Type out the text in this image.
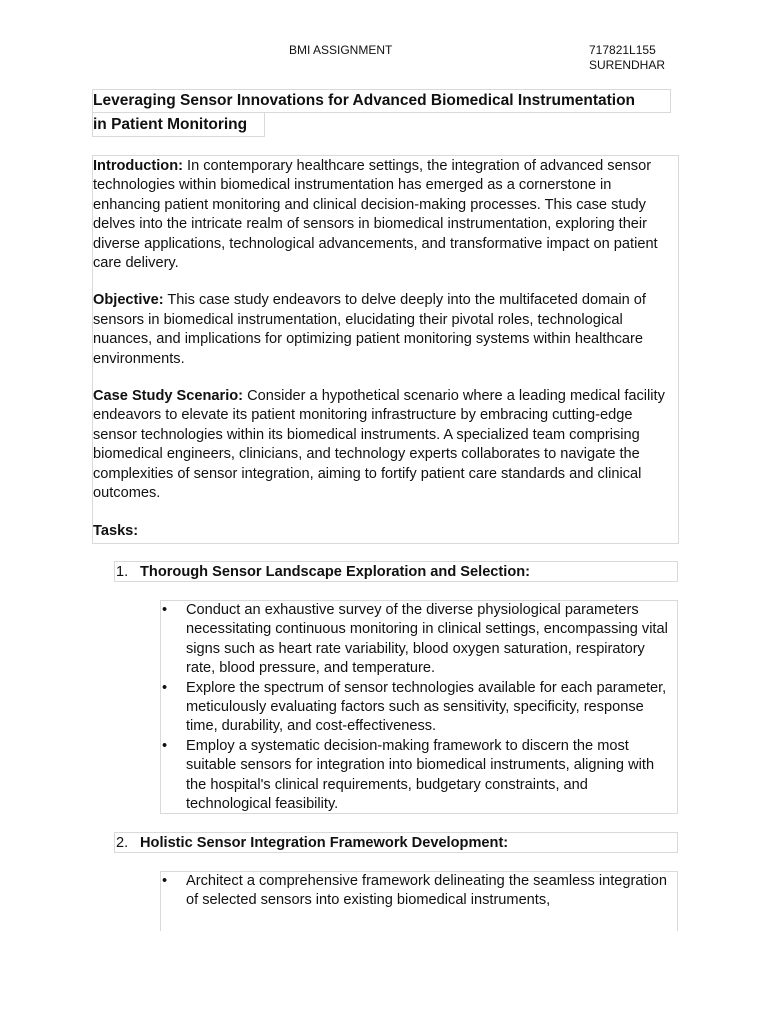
BMI ASSIGNMENT	717821L155
SURENDHAR
Leveraging Sensor Innovations for Advanced Biomedical Instrumentation
in Patient Monitoring

Introduction: In contemporary healthcare settings, the integration of advanced sensor technologies within biomedical instrumentation has emerged as a cornerstone in enhancing patient monitoring and clinical decision-making processes. This case study delves into the intricate realm of sensors in biomedical instrumentation, exploring their diverse applications, technological advancements, and transformative impact on patient care delivery.

Objective: This case study endeavors to delve deeply into the multifaceted domain of sensors in biomedical instrumentation, elucidating their pivotal roles, technological nuances, and implications for optimizing patient monitoring systems within healthcare environments.

Case Study Scenario: Consider a hypothetical scenario where a leading medical facility endeavors to elevate its patient monitoring infrastructure by embracing cutting-edge sensor technologies within its biomedical instruments. A specialized team comprising biomedical engineers, clinicians, and technology experts collaborates to navigate the complexities of sensor integration, aiming to fortify patient care standards and clinical outcomes.

Tasks:

1. Thorough Sensor Landscape Exploration and Selection:
• Conduct an exhaustive survey of the diverse physiological parameters necessitating continuous monitoring in clinical settings, encompassing vital signs such as heart rate variability, blood oxygen saturation, respiratory rate, blood pressure, and temperature.
• Explore the spectrum of sensor technologies available for each parameter, meticulously evaluating factors such as sensitivity, specificity, response time, durability, and cost-effectiveness.
• Employ a systematic decision-making framework to discern the most suitable sensors for integration into biomedical instruments, aligning with the hospital's clinical requirements, budgetary constraints, and technological feasibility.
2. Holistic Sensor Integration Framework Development:
• Architect a comprehensive framework delineating the seamless integration of selected sensors into existing biomedical instruments,
